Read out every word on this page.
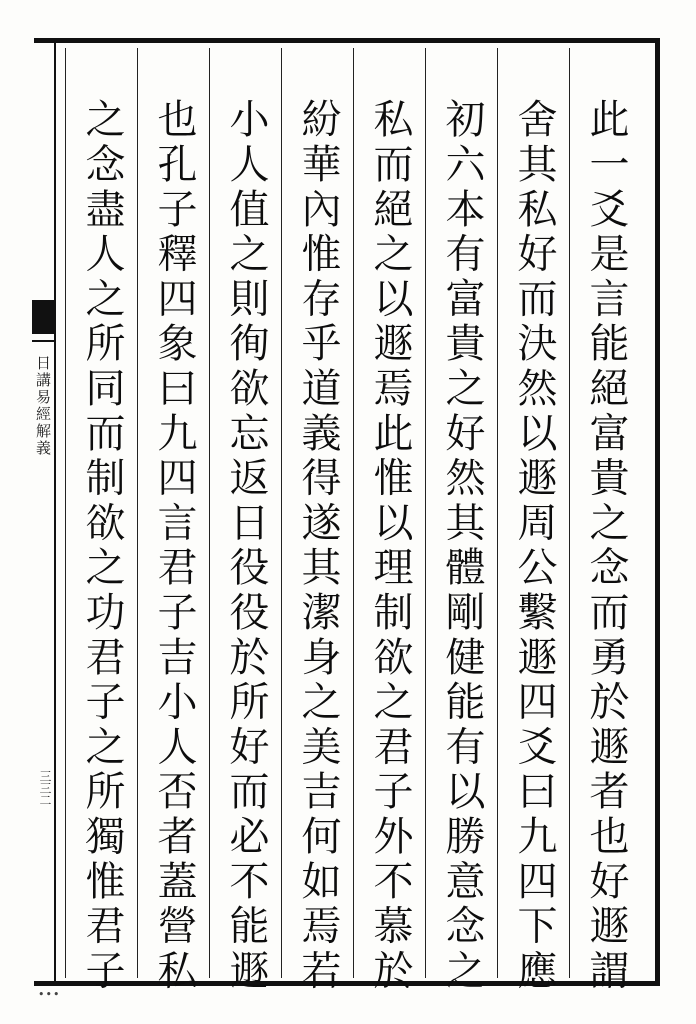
日講易經解義
三三二
•••
此一爻是言能絕富貴之念而勇於遯者也好遯謂
舍其私好而決然以遯周公繫遯四爻曰九四下應
初六本有富貴之好然其體剛健能有以勝意念之
私而絕之以遯焉此惟以理制欲之君子外不慕於
紛華內惟存乎道義得遂其潔身之美吉何如焉若
小人值之則徇欲忘返日役役於所好而必不能遯
也孔子釋四象曰九四言君子吉小人否者蓋營私
之念盡人之所同而制欲之功君子之所獨惟君子
